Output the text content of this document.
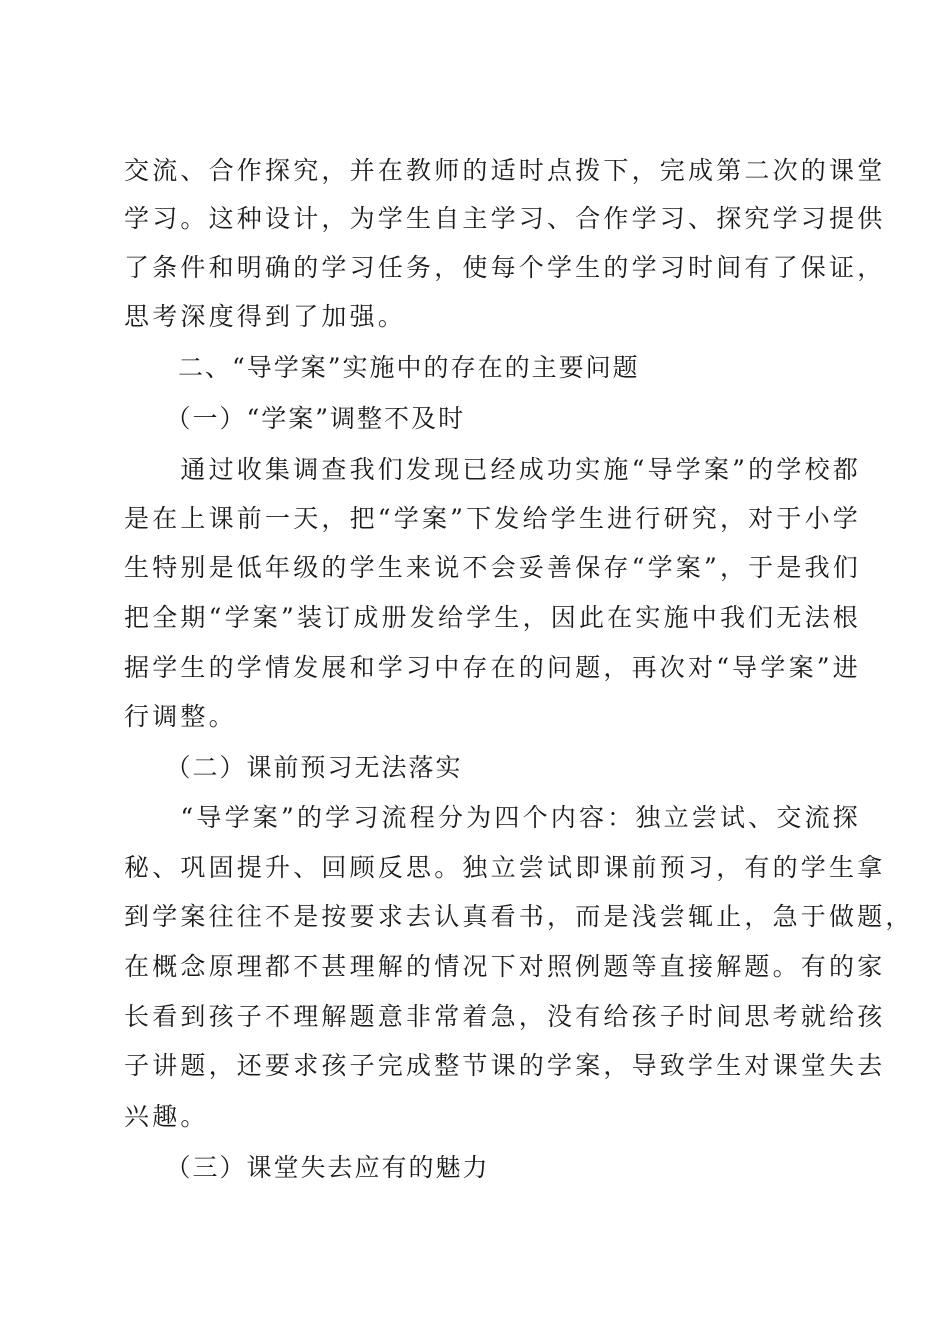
交流、合作探究，并在教师的适时点拨下，完成第二次的课堂
学习。这种设计，为学生自主学习、合作学习、探究学习提供
了条件和明确的学习任务，使每个学生的学习时间有了保证，
思考深度得到了加强。
　　二、“导学案”实施中的存在的主要问题
　　（一）“学案”调整不及时
　　通过收集调查我们发现已经成功实施“导学案”的学校都
是在上课前一天，把“学案”下发给学生进行研究，对于小学
生特别是低年级的学生来说不会妥善保存“学案”，于是我们
把全期“学案”装订成册发给学生，因此在实施中我们无法根
据学生的学情发展和学习中存在的问题，再次对“导学案”进
行调整。
　　（二）课前预习无法落实
　　“导学案”的学习流程分为四个内容：独立尝试、交流探
秘、巩固提升、回顾反思。独立尝试即课前预习，有的学生拿
到学案往往不是按要求去认真看书，而是浅尝辄止，急于做题，
在概念原理都不甚理解的情况下对照例题等直接解题。有的家
长看到孩子不理解题意非常着急，没有给孩子时间思考就给孩
子讲题，还要求孩子完成整节课的学案，导致学生对课堂失去
兴趣。
　　（三）课堂失去应有的魅力
